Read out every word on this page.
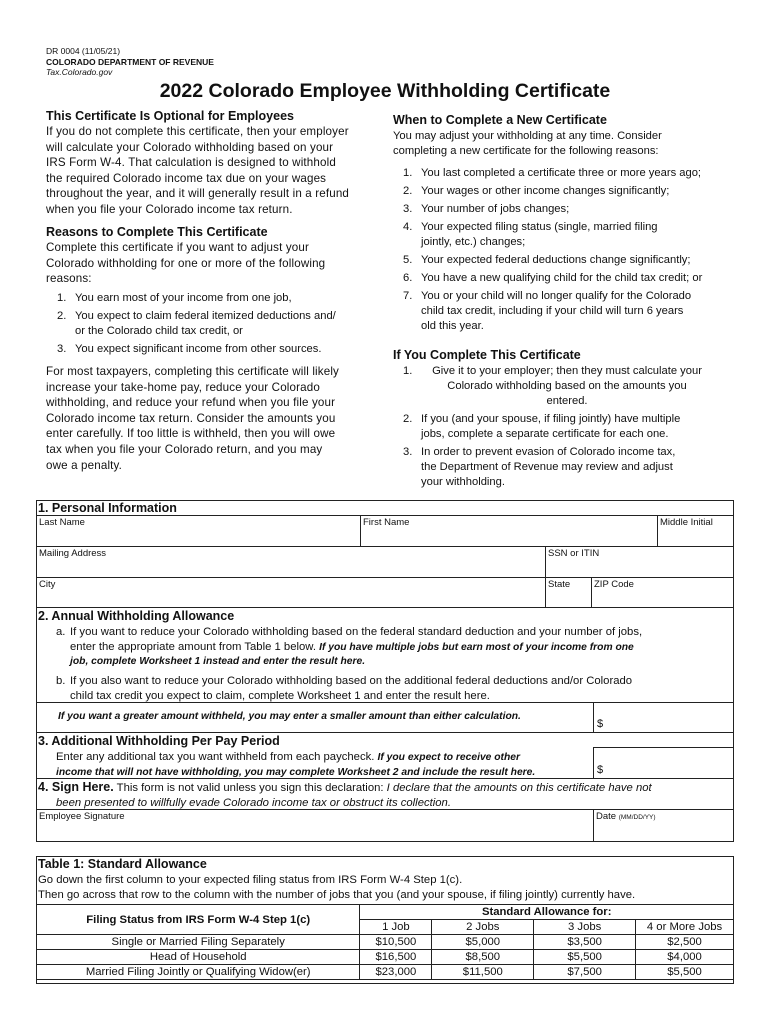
DR 0004 (11/05/21)
COLORADO DEPARTMENT OF REVENUE
Tax.Colorado.gov
2022 Colorado Employee Withholding Certificate
This Certificate Is Optional for Employees
If you do not complete this certificate, then your employer
will calculate your Colorado withholding based on your
IRS Form W-4. That calculation is designed to withhold
the required Colorado income tax due on your wages
throughout the year, and it will generally result in a refund
when you file your Colorado income tax return.
Reasons to Complete This Certificate
Complete this certificate if you want to adjust your
Colorado withholding for one or more of the following
reasons:
1. You earn most of your income from one job,
2. You expect to claim federal itemized deductions and/
or the Colorado child tax credit, or
3. You expect significant income from other sources.
For most taxpayers, completing this certificate will likely
increase your take-home pay, reduce your Colorado
withholding, and reduce your refund when you file your
Colorado income tax return. Consider the amounts you
enter carefully. If too little is withheld, then you will owe
tax when you file your Colorado return, and you may
owe a penalty.
When to Complete a New Certificate
You may adjust your withholding at any time. Consider
completing a new certificate for the following reasons:
1. You last completed a certificate three or more years ago;
2. Your wages or other income changes significantly;
3. Your number of jobs changes;
4. Your expected filing status (single, married filing
jointly, etc.) changes;
5. Your expected federal deductions change significantly;
6. You have a new qualifying child for the child tax credit; or
7. You or your child will no longer qualify for the Colorado
child tax credit, including if your child will turn 6 years
old this year.
If You Complete This Certificate
1.	Give it to your employer; then they must calculate your
Colorado withholding based on the amounts you
entered.
2. If you (and your spouse, if filing jointly) have multiple
jobs, complete a separate certificate for each one.
3. In order to prevent evasion of Colorado income tax,
the Department of Revenue may review and adjust
your withholding.
1. Personal Information
Last Name	First Name	Middle Initial
Mailing Address	SSN or ITIN
City	State	ZIP Code
2. Annual Withholding Allowance
a. If you want to reduce your Colorado withholding based on the federal standard deduction and your number of jobs,
enter the appropriate amount from Table 1 below. If you have multiple jobs but earn most of your income from one
job, complete Worksheet 1 instead and enter the result here.
b. If you also want to reduce your Colorado withholding based on the additional federal deductions and/or Colorado
child tax credit you expect to claim, complete Worksheet 1 and enter the result here.
If you want a greater amount withheld, you may enter a smaller amount than either calculation.
$
3. Additional Withholding Per Pay Period
Enter any additional tax you want withheld from each paycheck. If you expect to receive other
income that will not have withholding, you may complete Worksheet 2 and include the result here.	$
4. Sign Here. This form is not valid unless you sign this declaration: I declare that the amounts on this certificate have not
been presented to willfully evade Colorado income tax or obstruct its collection.
Employee Signature	Date (MM/DD/YY)
Table 1: Standard Allowance
Go down the first column to your expected filing status from IRS Form W-4 Step 1(c).
Then go across that row to the column with the number of jobs that you (and your spouse, if filing jointly) currently have.
Filing Status from IRS Form W-4 Step 1(c)	Standard Allowance for:			
	1 Job	2 Jobs	3 Jobs	4 or More Jobs
Single or Married Filing Separately	$10,500	$5,000	$3,500	$2,500
Head of Household	$16,500	$8,500	$5,500	$4,000
Married Filing Jointly or Qualifying Widow(er)	$23,000	$11,500	$7,500	$5,500
